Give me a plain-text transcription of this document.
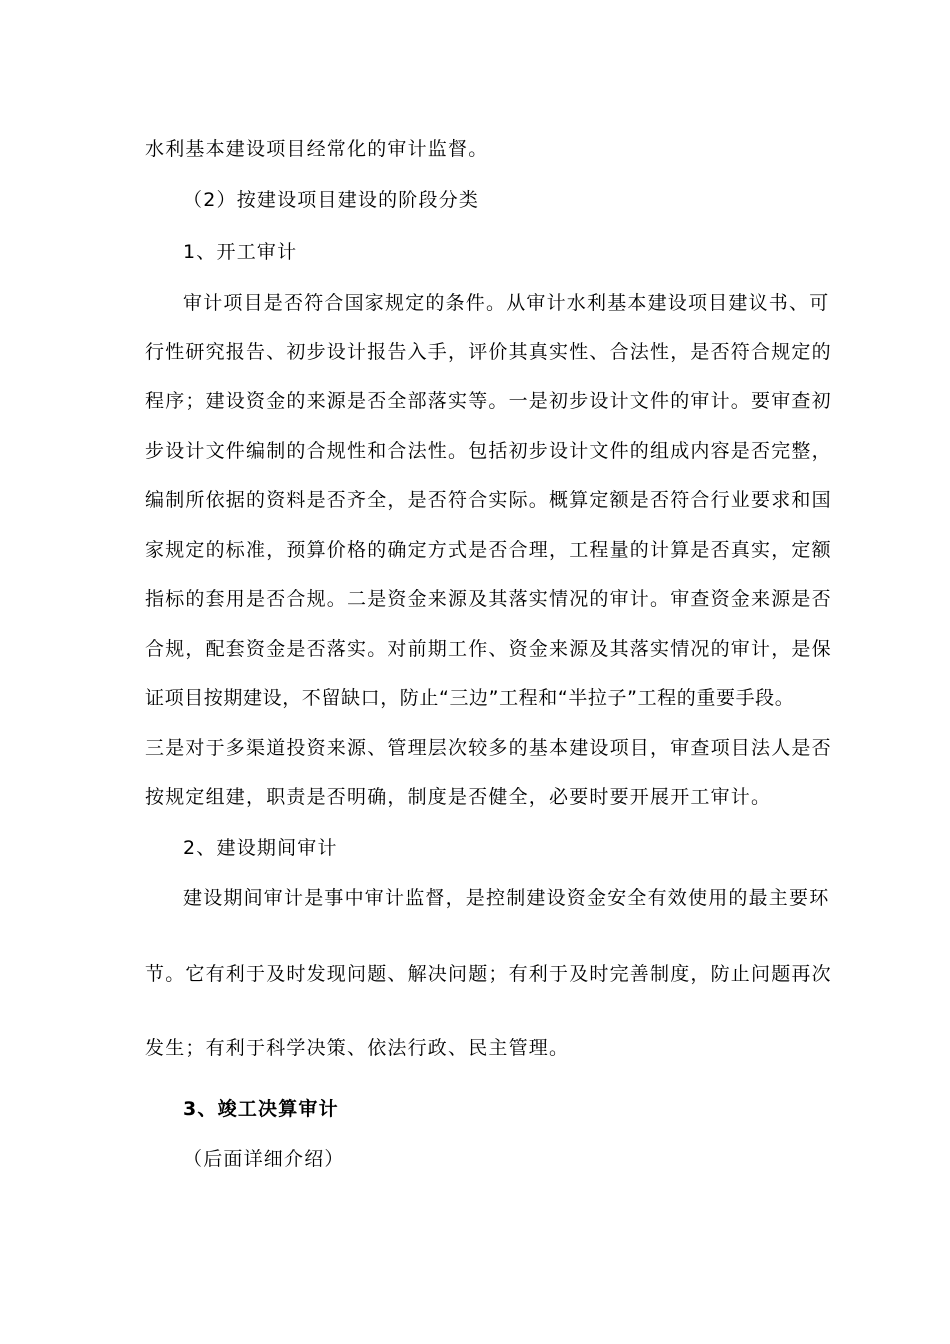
水利基本建设项目经常化的审计监督。
（2）按建设项目建设的阶段分类
1、开工审计
审计项目是否符合国家规定的条件。从审计水利基本建设项目建议书、可
行性研究报告、初步设计报告入手，评价其真实性、合法性，是否符合规定的
程序；建设资金的来源是否全部落实等。一是初步设计文件的审计。要审查初
步设计文件编制的合规性和合法性。包括初步设计文件的组成内容是否完整，
编制所依据的资料是否齐全，是否符合实际。概算定额是否符合行业要求和国
家规定的标准，预算价格的确定方式是否合理，工程量的计算是否真实，定额
指标的套用是否合规。二是资金来源及其落实情况的审计。审查资金来源是否
合规，配套资金是否落实。对前期工作、资金来源及其落实情况的审计，是保
证项目按期建设，不留缺口，防止“三边”工程和“半拉子”工程的重要手段。
三是对于多渠道投资来源、管理层次较多的基本建设项目，审查项目法人是否
按规定组建，职责是否明确，制度是否健全，必要时要开展开工审计。
2、建设期间审计
建设期间审计是事中审计监督，是控制建设资金安全有效使用的最主要环
节。它有利于及时发现问题、解决问题；有利于及时完善制度，防止问题再次
发生；有利于科学决策、依法行政、民主管理。
3、竣工决算审计
（后面详细介绍）
